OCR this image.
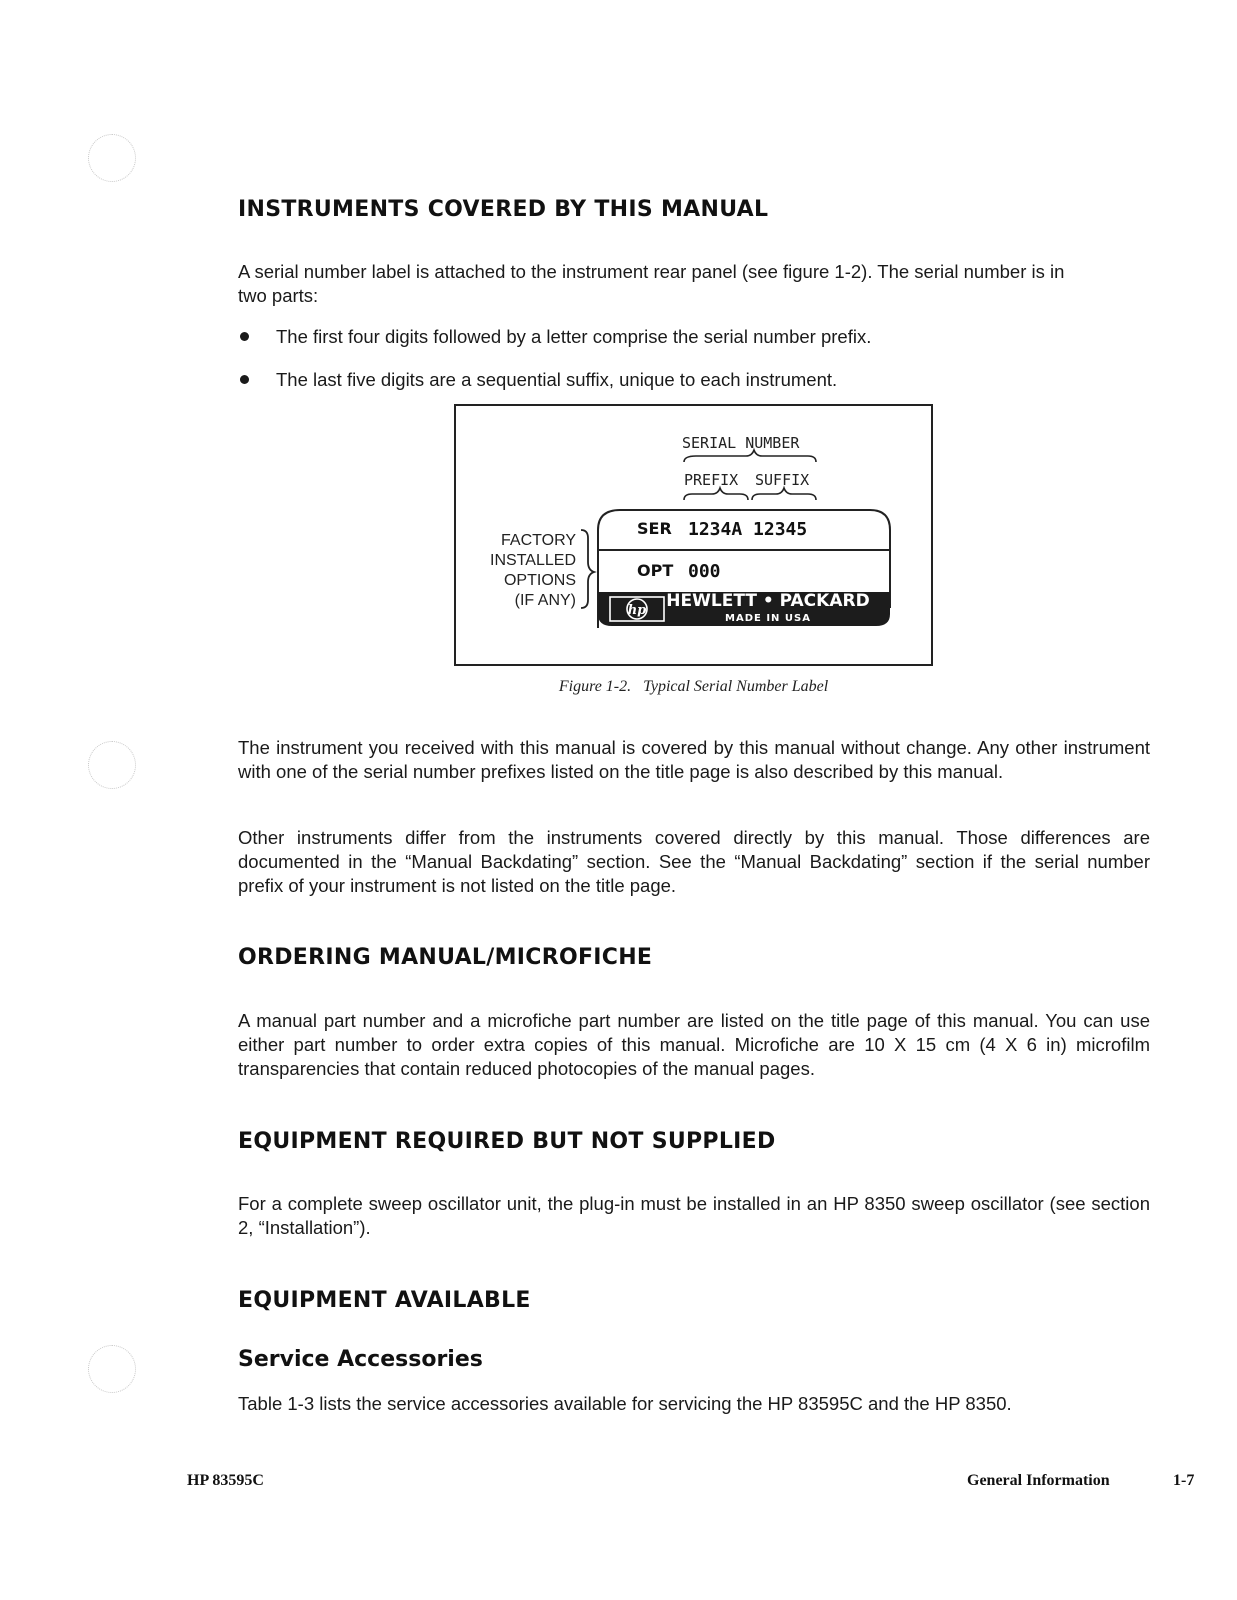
INSTRUMENTS COVERED BY THIS MANUAL

A serial number label is attached to the instrument rear panel (see figure 1-2). The serial number is in

two parts:

The first four digits followed by a letter comprise the serial number prefix.
The last five digits are a sequential suffix, unique to each instrument.
SERIAL NUMBER
PREFIX SUFFIX
FACTORY
INSTALLED
OPTIONS
(IF ANY)
SER 1234A 12345
OPT 000
hp HEWLETT • PACKARD
MADE IN USA

Figure 1-2.   Typical Serial Number Label

The instrument you received with this manual is covered by this manual without change. Any other instrument with one of the serial number prefixes listed on the title page is also described by this manual.

Other instruments differ from the instruments covered directly by this manual. Those differences are documented in the “Manual Backdating” section. See the “Manual Backdating” section if the serial number prefix of your instrument is not listed on the title page.

ORDERING MANUAL/MICROFICHE

A manual part number and a microfiche part number are listed on the title page of this manual. You can use either part number to order extra copies of this manual. Microfiche are 10 X 15 cm (4 X 6 in) microfilm transparencies that contain reduced photocopies of the manual pages.

EQUIPMENT REQUIRED BUT NOT SUPPLIED

For a complete sweep oscillator unit, the plug-in must be installed in an HP 8350 sweep oscillator (see section 2, “Installation”).

EQUIPMENT AVAILABLE
Service Accessories

Table 1-3 lists the service accessories available for servicing the HP 83595C and the HP 8350.

HP 83595C	General Information	1-7
